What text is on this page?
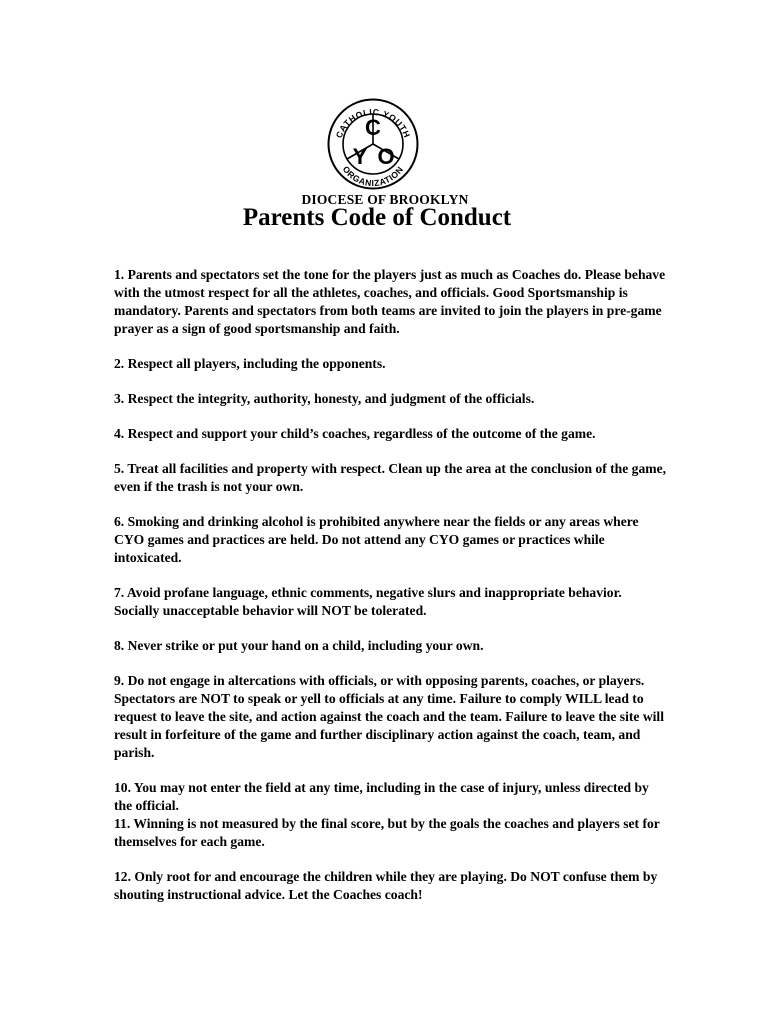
CATHOLIC YOUTH
ORGANIZATION
C
Y O
DIOCESE OF BROOKLYN
Parents Code of Conduct

1. Parents and spectators set the tone for the players just as much as Coaches do. Please behave with the utmost respect for all the athletes, coaches, and officials. Good Sportsmanship is mandatory. Parents and spectators from both teams are invited to join the players in pre-game prayer as a sign of good sportsmanship and faith.

2. Respect all players, including the opponents.

3. Respect the integrity, authority, honesty, and judgment of the officials.

4. Respect and support your child’s coaches, regardless of the outcome of the game.

5. Treat all facilities and property with respect. Clean up the area at the conclusion of the game, even if the trash is not your own.

6. Smoking and drinking alcohol is prohibited anywhere near the fields or any areas where CYO games and practices are held. Do not attend any CYO games or practices while intoxicated.

7. Avoid profane language, ethnic comments, negative slurs and inappropriate behavior. Socially unacceptable behavior will NOT be tolerated.

8. Never strike or put your hand on a child, including your own.

9. Do not engage in altercations with officials, or with opposing parents, coaches, or players. Spectators are NOT to speak or yell to officials at any time. Failure to comply WILL lead to request to leave the site, and action against the coach and the team. Failure to leave the site will result in forfeiture of the game and further disciplinary action against the coach, team, and parish.

10. You may not enter the field at any time, including in the case of injury, unless directed by the official.

11. Winning is not measured by the final score, but by the goals the coaches and players set for themselves for each game.

12. Only root for and encourage the children while they are playing. Do NOT confuse them by shouting instructional advice. Let the Coaches coach!
